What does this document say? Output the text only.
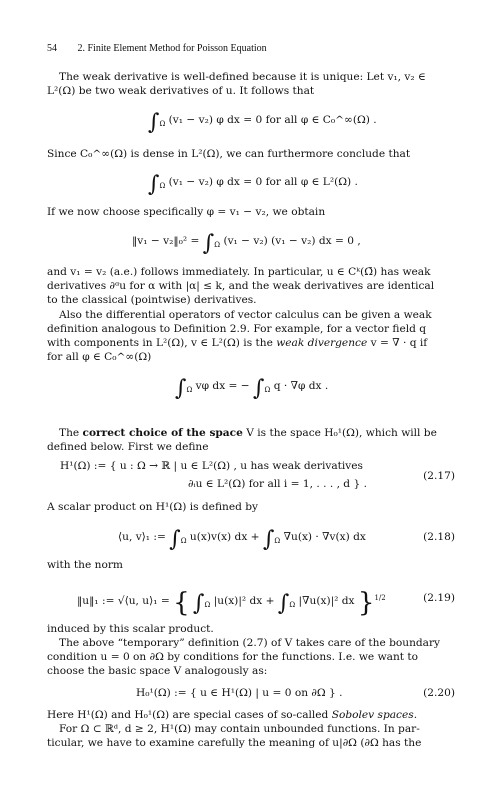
54 2. Finite Element Method for Poisson Equation
The weak derivative is well-defined because it is unique: Let v₁, v₂ ∈
L²(Ω) be two weak derivatives of u. It follows that
$\int_\Omega$ (v₁ − v₂) φ dx = 0 for all φ ∈ C₀^∞(Ω) .
Since C₀^∞(Ω) is dense in L²(Ω), we can furthermore conclude that
$\int_\Omega$ (v₁ − v₂) φ dx = 0 for all φ ∈ L²(Ω) .
If we now choose specifically φ = v₁ − v₂, we obtain
‖v₁ − v₂‖₀² = $\int_\Omega$ (v₁ − v₂) (v₁ − v₂) dx = 0 ,
and v₁ = v₂ (a.e.) follows immediately. In particular, u ∈ Cᵏ(Ω̄) has weak
derivatives ∂ᵅu for α with |α| ≤ k, and the weak derivatives are identical
to the classical (pointwise) derivatives.
Also the differential operators of vector calculus can be given a weak
definition analogous to Definition 2.9. For example, for a vector field q
with components in L²(Ω), v ∈ L²(Ω) is the weak divergence v = ∇ · q if
for all φ ∈ C₀^∞(Ω)
$\int_\Omega$ vφ dx = − $\int_\Omega$ q · ∇φ dx .
The correct choice of the space V is the space H₀¹(Ω), which will be
defined below. First we define
H¹(Ω) := { u : Ω → ℝ | u ∈ L²(Ω) , u has weak derivatives
∂ᵢu ∈ L²(Ω) for all i = 1, . . . , d } .
(2.17)
A scalar product on H¹(Ω) is defined by
⟨u, v⟩₁ := $\int_\Omega$ u(x)v(x) dx + $\int_\Omega$ ∇u(x) · ∇v(x) dx	(2.18)
with the norm
‖u‖₁ := √⟨u, u⟩₁ = { $\int_\Omega$ |u(x)|² dx + $\int_\Omega$ |∇u(x)|² dx }$^{1/2}$	(2.19)
induced by this scalar product.
The above “temporary” definition (2.7) of V takes care of the boundary
condition u = 0 on ∂Ω by conditions for the functions. I.e. we want to
choose the basic space V analogously as:
H₀¹(Ω) := { u ∈ H¹(Ω) | u = 0 on ∂Ω } .	(2.20)
Here H¹(Ω) and H₀¹(Ω) are special cases of so-called Sobolev spaces.
For Ω ⊂ ℝᵈ, d ≥ 2, H¹(Ω) may contain unbounded functions. In par-
ticular, we have to examine carefully the meaning of u|∂Ω (∂Ω has the
